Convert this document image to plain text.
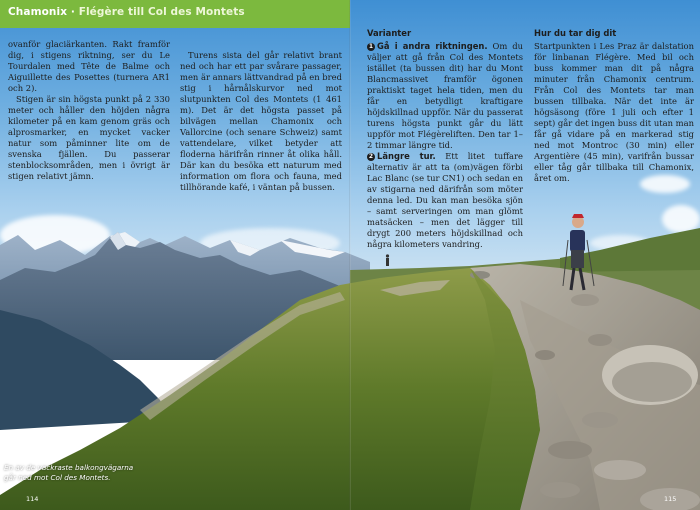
Chamonix · Flégère till Col des Montets

ovanför glaciärkanten. Rakt framför dig, i stigens riktning, ser du Le Tourdalen med Tête de Balme och Aiguillette des Posettes (turnera AR1 och 2).

Stigen är sin högsta punkt på 2 330 meter och håller den höjden några kilometer på en kam genom gräs och alprosmarker, en mycket vacker natur som påminner lite om de svenska fjällen. Du passerar stenblocksområden, men i övrigt är stigen relativt jämn.

Turens sista del går relativt brant ned och har ett par svårare passager, men är annars lättvandrad på en bred stig i hårnålskurvor ned mot slutpunkten Col des Montets (1 461 m). Det är det högsta passet på bilvägen mellan Chamonix och Vallorcine (och senare Schweiz) samt vattendelare, vilket betyder att floderna härifrån rinner åt olika håll. Där kan du besöka ett naturum med information om flora och fauna, med tillhörande kafé, i väntan på bussen.

Varianter

1 Gå i andra riktningen. Om du väljer att gå från Col des Montets istället (ta bussen dit) har du Mont Blancmassivet framför ögonen praktiskt taget hela tiden, men du får en betydligt kraftigare höjdskillnad uppför. När du passerat turens högsta punkt går du lätt uppför mot Flégèreliften. Den tar 1–2 timmar längre tid.

2 Längre tur. Ett litet tuffare alternativ är att ta (om)vägen förbi Lac Blanc (se tur CN1) och sedan en av stigarna ned därifrån som möter denna led. Du kan man besöka sjön – samt serveringen om man glömt matsäcken – men det lägger till drygt 200 meters höjdskillnad och några kilometers vandring.

Hur du tar dig dit

Startpunkten i Les Praz är dalstation för linbanan Flégère. Med bil och buss kommer man dit på några minuter från Chamonix centrum. Från Col des Montets tar man bussen tillbaka. När det inte är högsäsong (före 1 juli och efter 1 sept) går det ingen buss dit utan man får gå vidare på en markerad stig ned mot Montroc (30 min) eller Argentière (45 min), varifrån bussar eller tåg går tillbaka till Chamonix, året om.

En av de vackraste balkongvägarna går ned mot Col des Montets.
114	115
